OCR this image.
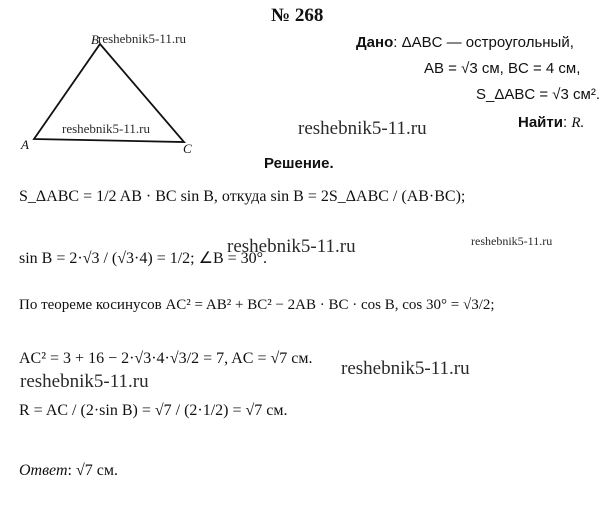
№ 268
B
A	C
reshebnik5-11.ru
reshebnik5-11.ru	reshebnik5-11.ru
reshebnik5-11.ru	reshebnik5-11.ru
reshebnik5-11.ru
reshebnik5-11.ru
Дано: ΔABC — остроугольный,
AB = √3 см, BC = 4 см,
S_ΔABC = √3 см².
Найти: R.
Решение.
S_ΔABC = 1/2 AB · BC sin B, откуда sin B = 2S_ΔABC / (AB·BC);
sin B = 2·√3 / (√3·4) = 1/2; ∠B = 30°.
По теореме косинусов AC² = AB² + BC² − 2AB · BC · cos B, cos 30° = √3/2;
AC² = 3 + 16 − 2·√3·4·√3/2 = 7, AC = √7 см.
R = AC / (2·sin B) = √7 / (2·1/2) = √7 см.
Ответ: √7 см.
